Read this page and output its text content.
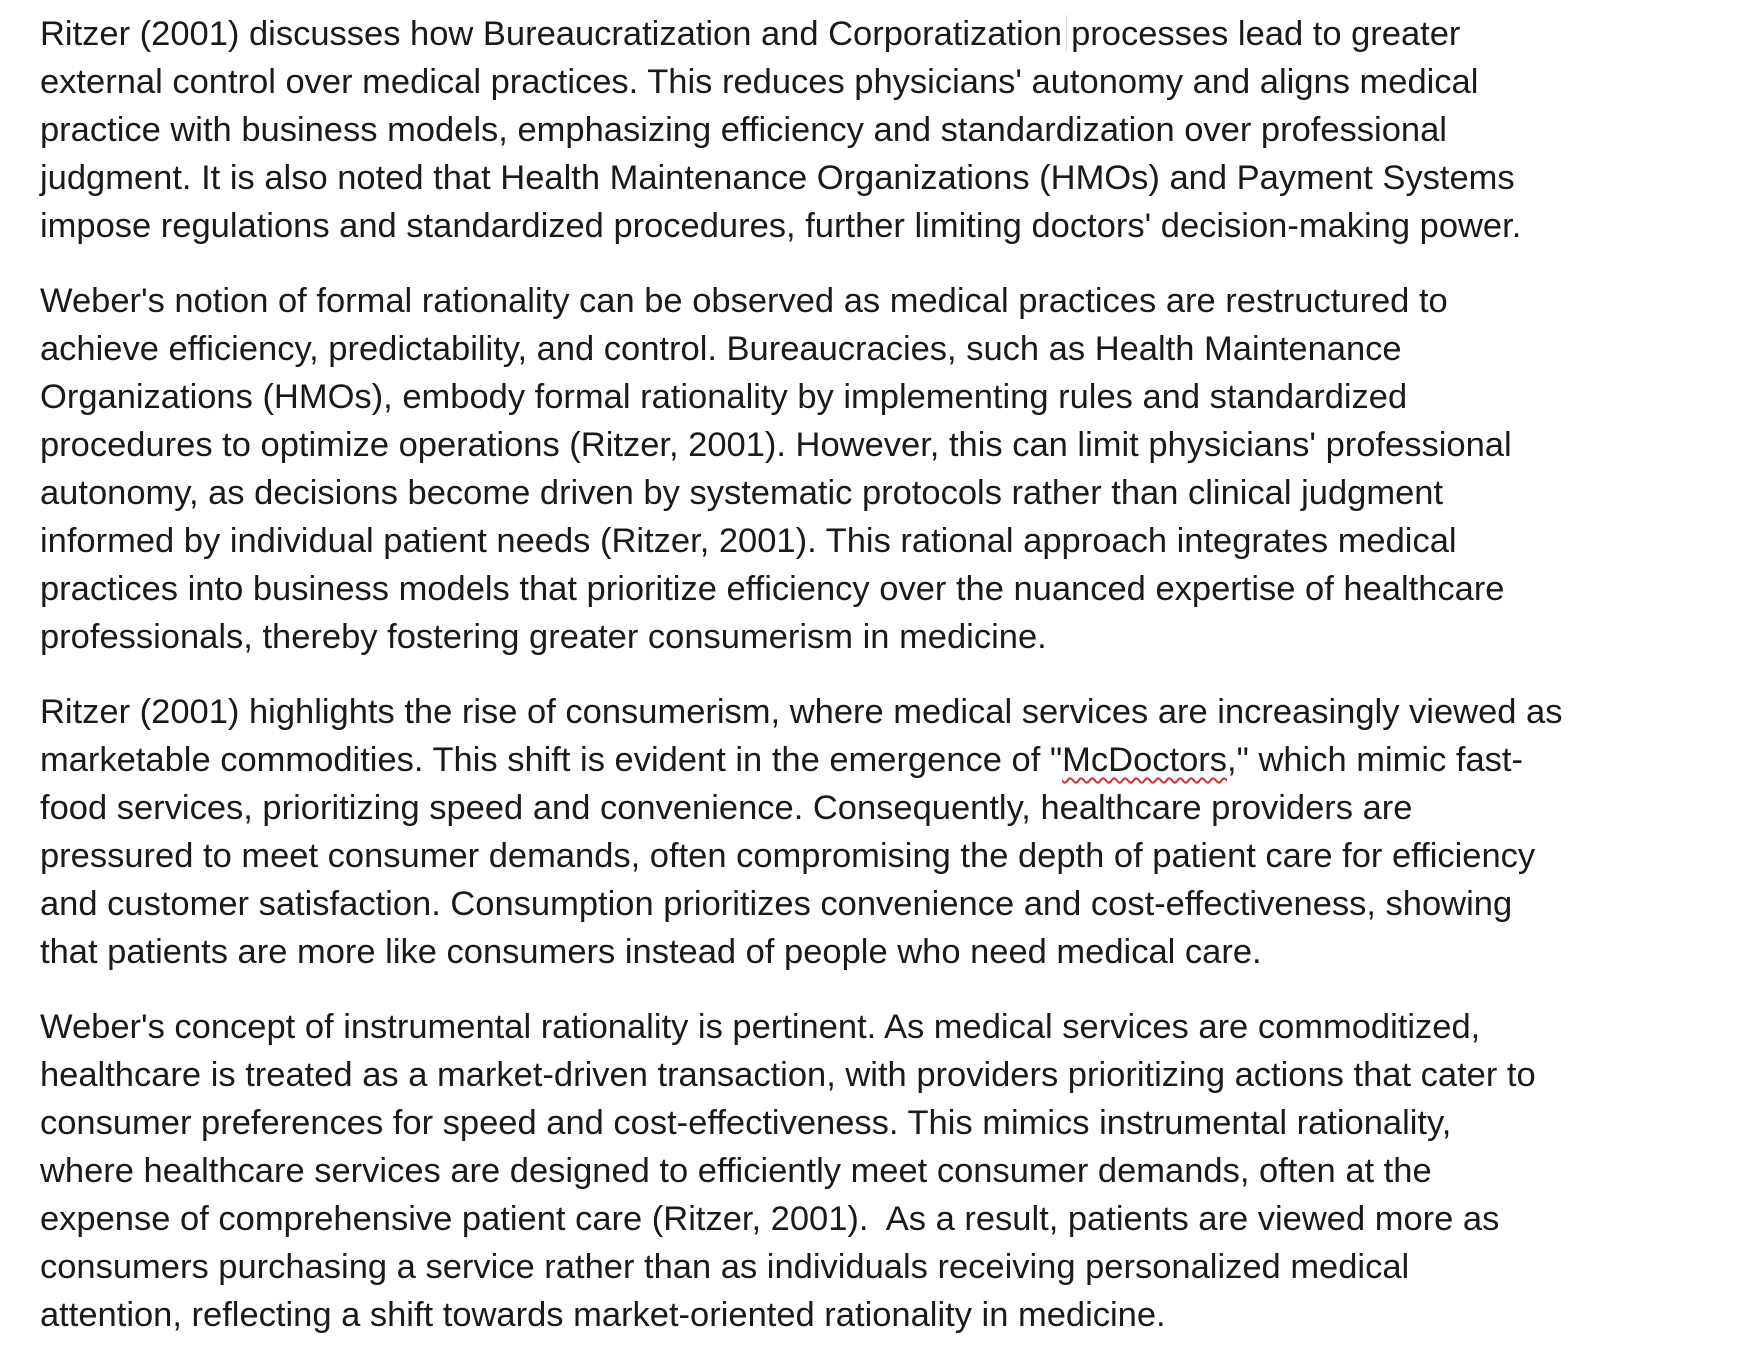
Ritzer (2001) discusses how Bureaucratization and Corporatization processes lead to greater
external control over medical practices. This reduces physicians' autonomy and aligns medical
practice with business models, emphasizing efficiency and standardization over professional
judgment. It is also noted that Health Maintenance Organizations (HMOs) and Payment Systems
impose regulations and standardized procedures, further limiting doctors' decision-making power.

Weber's notion of formal rationality can be observed as medical practices are restructured to
achieve efficiency, predictability, and control. Bureaucracies, such as Health Maintenance
Organizations (HMOs), embody formal rationality by implementing rules and standardized
procedures to optimize operations (Ritzer, 2001). However, this can limit physicians' professional
autonomy, as decisions become driven by systematic protocols rather than clinical judgment
informed by individual patient needs (Ritzer, 2001). This rational approach integrates medical
practices into business models that prioritize efficiency over the nuanced expertise of healthcare
professionals, thereby fostering greater consumerism in medicine.

Ritzer (2001) highlights the rise of consumerism, where medical services are increasingly viewed as
marketable commodities. This shift is evident in the emergence of "McDoctors," which mimic fast-
food services, prioritizing speed and convenience. Consequently, healthcare providers are
pressured to meet consumer demands, often compromising the depth of patient care for efficiency
and customer satisfaction. Consumption prioritizes convenience and cost-effectiveness, showing
that patients are more like consumers instead of people who need medical care.

Weber's concept of instrumental rationality is pertinent. As medical services are commoditized,
healthcare is treated as a market-driven transaction, with providers prioritizing actions that cater to
consumer preferences for speed and cost-effectiveness. This mimics instrumental rationality,
where healthcare services are designed to efficiently meet consumer demands, often at the
expense of comprehensive patient care (Ritzer, 2001).  As a result, patients are viewed more as
consumers purchasing a service rather than as individuals receiving personalized medical
attention, reflecting a shift towards market-oriented rationality in medicine.
